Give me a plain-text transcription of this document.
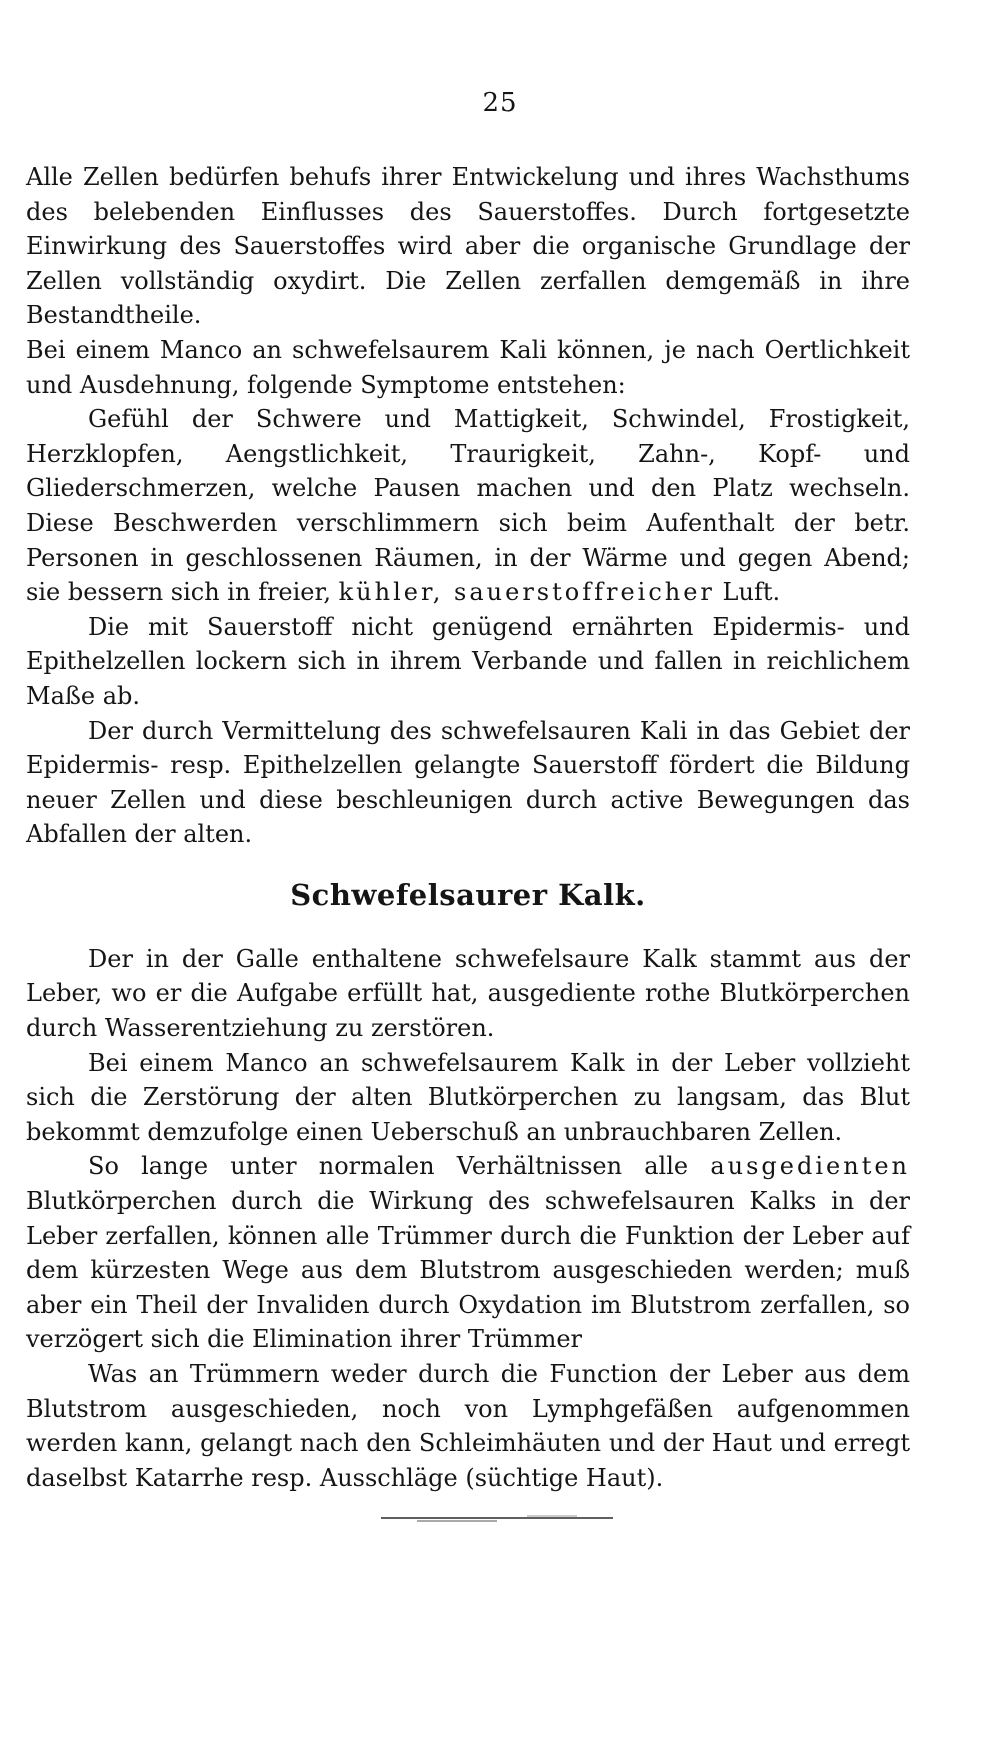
25

Alle Zellen bedürfen behufs ihrer Entwickelung und ihres Wachsthums des belebenden Einflusses des Sauerstoffes. Durch fortgesetzte Einwirkung des Sauerstoffes wird aber die organische Grundlage der Zellen vollständig oxydirt. Die Zellen zerfallen demgemäß in ihre Bestandtheile.

Bei einem Manco an schwefelsaurem Kali können, je nach Oertlichkeit und Ausdehnung, folgende Symptome entstehen:

Gefühl der Schwere und Mattigkeit, Schwindel, Frostigkeit, Herzklopfen, Aengstlichkeit, Traurigkeit, Zahn-, Kopf- und Gliederschmerzen, welche Pausen machen und den Platz wechseln. Diese Beschwerden verschlimmern sich beim Aufenthalt der betr. Personen in geschlossenen Räumen, in der Wärme und gegen Abend; sie bessern sich in freier, kühler, sauerstoffreicher Luft.

Die mit Sauerstoff nicht genügend ernährten Epidermis- und Epithelzellen lockern sich in ihrem Verbande und fallen in reichlichem Maße ab.

Der durch Vermittelung des schwefelsauren Kali in das Gebiet der Epidermis- resp. Epithelzellen gelangte Sauerstoff fördert die Bildung neuer Zellen und diese beschleunigen durch active Bewegungen das Abfallen der alten.

Schwefelsaurer Kalk.

Der in der Galle enthaltene schwefelsaure Kalk stammt aus der Leber, wo er die Aufgabe erfüllt hat, ausgediente rothe Blutkörperchen durch Wasserentziehung zu zerstören.

Bei einem Manco an schwefelsaurem Kalk in der Leber vollzieht sich die Zerstörung der alten Blutkörperchen zu langsam, das Blut bekommt demzufolge einen Ueberschuß an unbrauchbaren Zellen.

So lange unter normalen Verhältnissen alle ausgedienten Blutkörperchen durch die Wirkung des schwefelsauren Kalks in der Leber zerfallen, können alle Trümmer durch die Funktion der Leber auf dem kürzesten Wege aus dem Blutstrom ausgeschieden werden; muß aber ein Theil der Invaliden durch Oxydation im Blutstrom zerfallen, so verzögert sich die Elimination ihrer Trümmer

Was an Trümmern weder durch die Function der Leber aus dem Blutstrom ausgeschieden, noch von Lymphgefäßen aufgenommen werden kann, gelangt nach den Schleimhäuten und der Haut und erregt daselbst Katarrhe resp. Ausschläge (süchtige Haut).
